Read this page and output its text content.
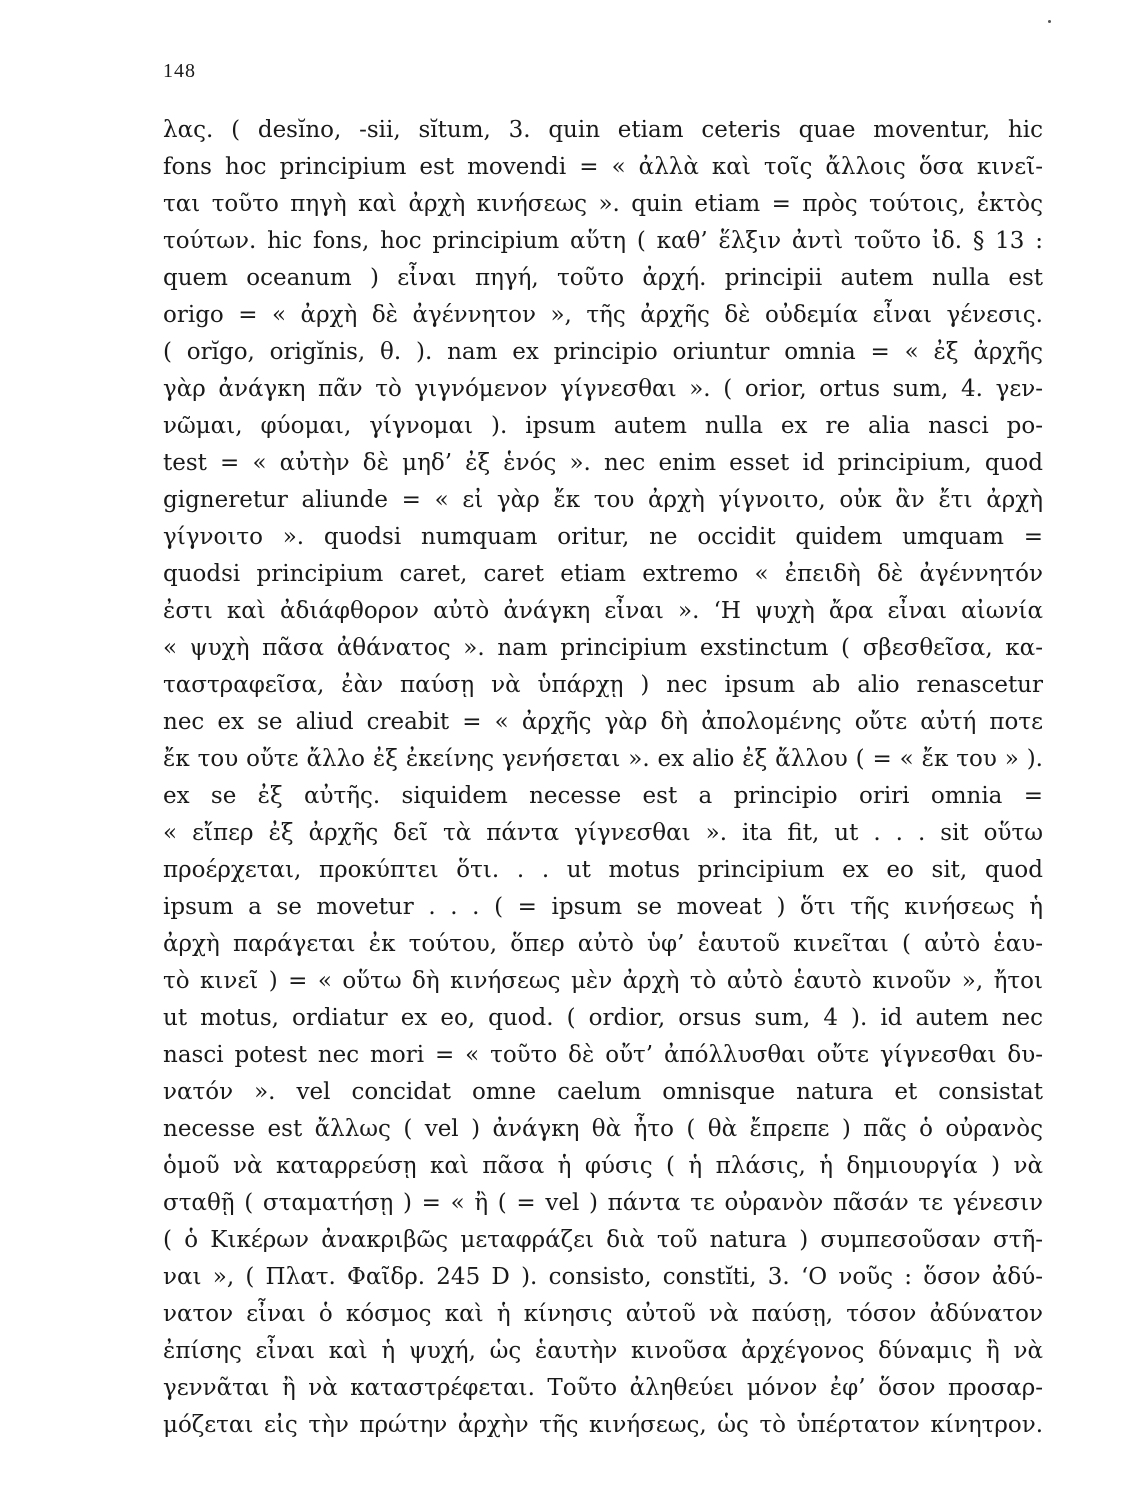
148
λας. ( desĭno, -sii, sĭtum, 3. quin etiam ceteris quae moventur, hic
fons hoc principium est movendi = « ἀλλὰ καὶ τοῖς ἄλλοις ὅσα κινεῖ-
ται τοῦτο πηγὴ καὶ ἀρχὴ κινήσεως ». quin etiam = πρὸς τούτοις, ἐκτὸς
τούτων. hic fons, hoc principium αὕτη ( καθ’ ἕλξιν ἀντὶ τοῦτο ἰδ. § 13 :
quem oceanum ) εἶναι πηγή, τοῦτο ἀρχή. principii autem nulla est
origo = « ἀρχὴ δὲ ἀγέννητον », τῆς ἀρχῆς δὲ οὐδεμία εἶναι γένεσις.
( orĭgo, origĭnis, θ. ). nam ex principio oriuntur omnia = « ἐξ ἀρχῆς
γὰρ ἀνάγκη πᾶν τὸ γιγνόμενον γίγνεσθαι ». ( orior, ortus sum, 4. γεν-
νῶμαι, φύομαι, γίγνομαι ). ipsum autem nulla ex re alia nasci po-
test = « αὐτὴν δὲ μηδ’ ἐξ ἑνός ». nec enim esset id principium, quod
gigneretur aliunde = « εἰ γὰρ ἔκ του ἀρχὴ γίγνοιτο, οὐκ ἂν ἔτι ἀρχὴ
γίγνοιτο ». quodsi numquam oritur, ne occidit quidem umquam =
quodsi principium caret, caret etiam extremo « ἐπειδὴ δὲ ἀγέννητόν
ἐστι καὶ ἀδιάφθορον αὐτὸ ἀνάγκη εἶναι ». ‘Η ψυχὴ ἄρα εἶναι αἰωνία
« ψυχὴ πᾶσα ἀθάνατος ». nam principium exstinctum ( σβεσθεῖσα, κα-
ταστραφεῖσα, ἐὰν παύσῃ νὰ ὑπάρχῃ ) nec ipsum ab alio renascetur
nec ex se aliud creabit = « ἀρχῆς γὰρ δὴ ἀπολομένης οὔτε αὐτή ποτε
ἔκ του οὔτε ἄλλο ἐξ ἐκείνης γενήσεται ». ex alio ἐξ ἄλλου ( = « ἔκ του » ).
ex se ἐξ αὐτῆς. siquidem necesse est a principio oriri omnia =
« εἴπερ ἐξ ἀρχῆς δεῖ τὰ πάντα γίγνεσθαι ». ita fit, ut . . . sit οὕτω
προέρχεται, προκύπτει ὅτι. . . ut motus principium ex eo sit, quod
ipsum a se movetur . . . ( = ipsum se moveat ) ὅτι τῆς κινήσεως ἡ
ἀρχὴ παράγεται ἐκ τούτου, ὅπερ αὐτὸ ὑφ’ ἑαυτοῦ κινεῖται ( αὐτὸ ἑαυ-
τὸ κινεῖ ) = « οὕτω δὴ κινήσεως μὲν ἀρχὴ τὸ αὐτὸ ἑαυτὸ κινοῦν », ἤτοι
ut motus, ordiatur ex eo, quod. ( ordior, orsus sum, 4 ). id autem nec
nasci potest nec mori = « τοῦτο δὲ οὔτ’ ἀπόλλυσθαι οὔτε γίγνεσθαι δυ-
νατόν ». vel concidat omne caelum omnisque natura et consistat
necesse est ἄλλως ( vel ) ἀνάγκη θὰ ἦτο ( θὰ ἔπρεπε ) πᾶς ὁ οὐρανὸς
ὁμοῦ νὰ καταρρεύσῃ καὶ πᾶσα ἡ φύσις ( ἡ πλάσις, ἡ δημιουργία ) νὰ
σταθῇ ( σταματήσῃ ) = « ἢ ( = vel ) πάντα τε οὐρανὸν πᾶσάν τε γένεσιν
( ὁ Κικέρων ἀνακριβῶς μεταφράζει διὰ τοῦ natura ) συμπεσοῦσαν στῆ-
ναι », ( Πλατ. Φαῖδρ. 245 D ). consisto, constĭti, 3. ‘Ο νοῦς : ὅσον ἀδύ-
νατον εἶναι ὁ κόσμος καὶ ἡ κίνησις αὐτοῦ νὰ παύσῃ, τόσον ἀδύνατον
ἐπίσης εἶναι καὶ ἡ ψυχή, ὡς ἑαυτὴν κινοῦσα ἀρχέγονος δύναμις ἢ νὰ
γεννᾶται ἢ νὰ καταστρέφεται. Τοῦτο ἀληθεύει μόνον ἐφ’ ὅσον προσαρ-
μόζεται εἰς τὴν πρώτην ἀρχὴν τῆς κινήσεως, ὡς τὸ ὑπέρτατον κίνητρον.
